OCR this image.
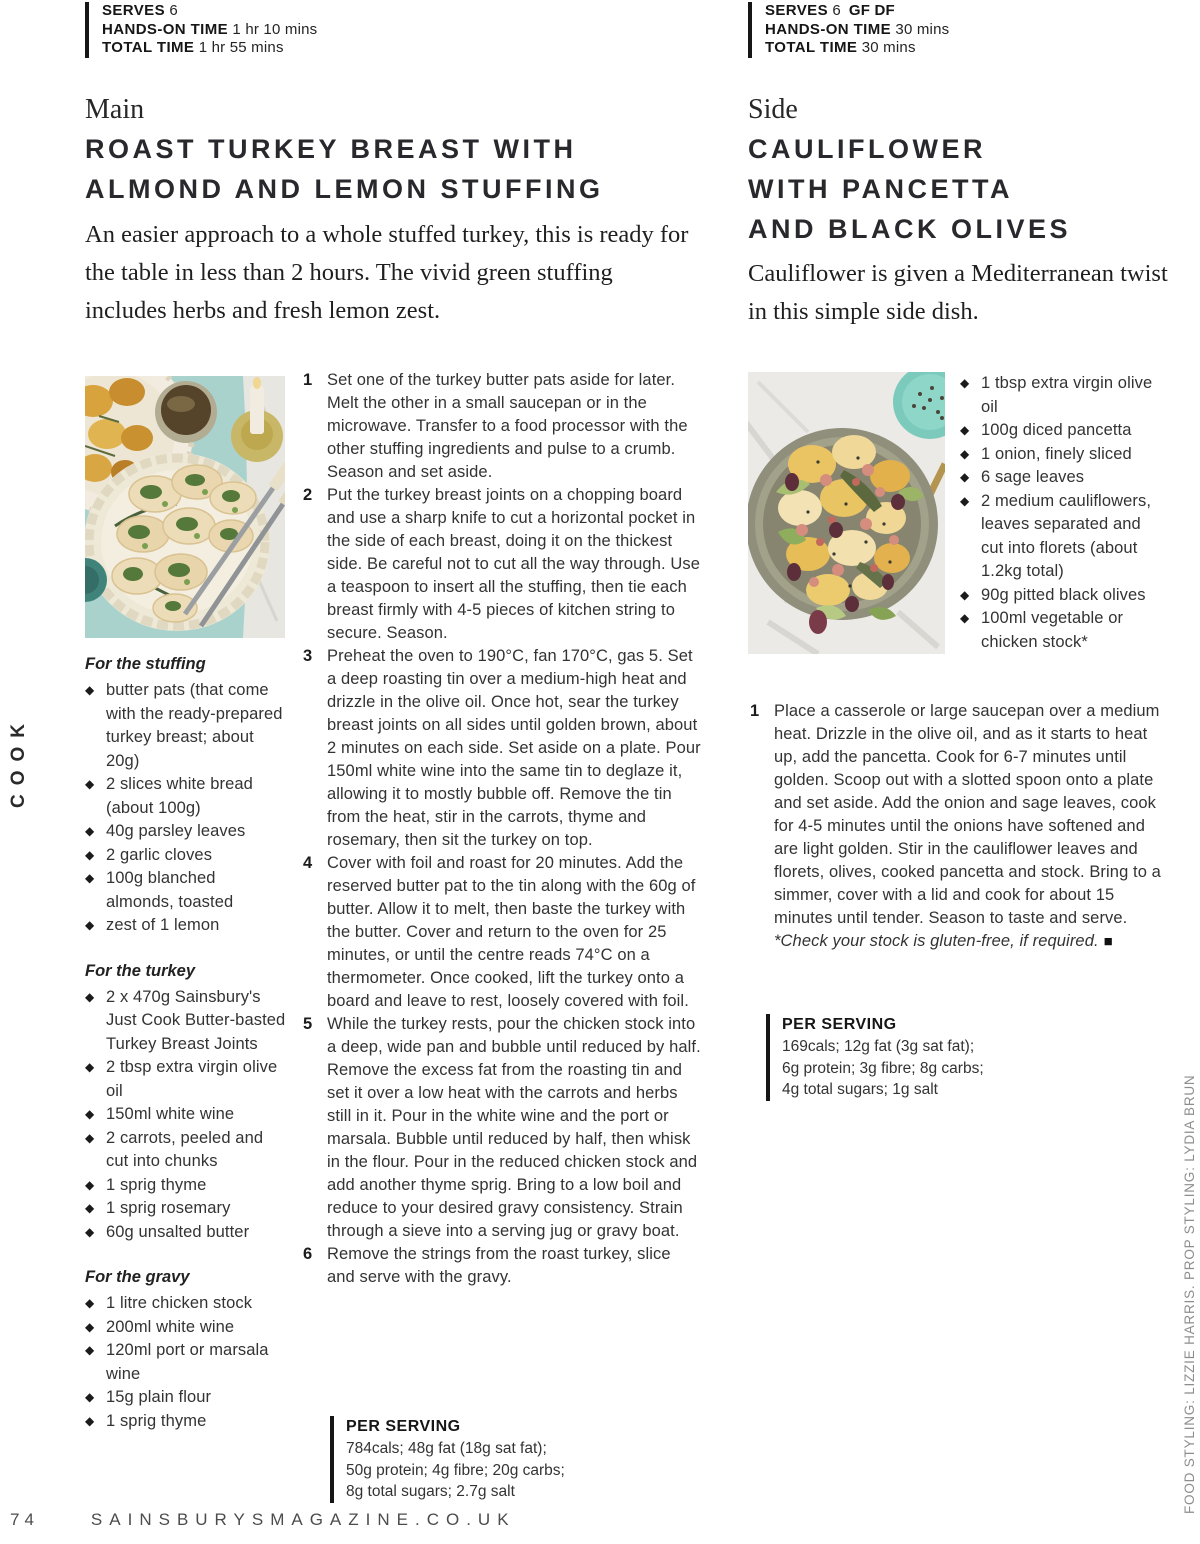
COOK
FOOD STYLING: LIZZIE HARRIS. PROP STYLING: LYDIA BRUN
74	SAINSBURYSMAGAZINE.CO.UK
SERVES 6
HANDS-ON TIME 1 hr 10 mins
TOTAL TIME 1 hr 55 mins
Main
ROAST TURKEY BREAST WITH
ALMOND AND LEMON STUFFING

An easier approach to a whole stuffed turkey, this is ready for the table in less than 2 hours. The vivid green stuffing includes herbs and fresh lemon zest.

For the stuffing
◆ butter pats (that come with the ready-prepared turkey breast; about 20g)
◆ 2 slices white bread (about 100g)
◆ 40g parsley leaves
◆ 2 garlic cloves
◆ 100g blanched almonds, toasted
◆ zest of 1 lemon
For the turkey
◆ 2 x 470g Sainsbury's Just Cook Butter-basted Turkey Breast Joints
◆ 2 tbsp extra virgin olive oil
◆ 150ml white wine
◆ 2 carrots, peeled and cut into chunks
◆ 1 sprig thyme
◆ 1 sprig rosemary
◆ 60g unsalted butter
For the gravy
◆ 1 litre chicken stock
◆ 200ml white wine
◆ 120ml port or marsala wine
◆ 15g plain flour
◆ 1 sprig thyme
1 Set one of the turkey butter pats aside for later. Melt the other in a small saucepan or in the microwave. Transfer to a food processor with the other stuffing ingredients and pulse to a crumb. Season and set aside.
2 Put the turkey breast joints on a chopping board and use a sharp knife to cut a horizontal pocket in the side of each breast, doing it on the thickest side. Be careful not to cut all the way through. Use a teaspoon to insert all the stuffing, then tie each breast firmly with 4-5 pieces of kitchen string to secure. Season.
3 Preheat the oven to 190°C, fan 170°C, gas 5. Set a deep roasting tin over a medium-high heat and drizzle in the olive oil. Once hot, sear the turkey breast joints on all sides until golden brown, about 2 minutes on each side. Set aside on a plate. Pour 150ml white wine into the same tin to deglaze it, allowing it to mostly bubble off. Remove the tin from the heat, stir in the carrots, thyme and rosemary, then sit the turkey on top.
4 Cover with foil and roast for 20 minutes. Add the reserved butter pat to the tin along with the 60g of butter. Allow it to melt, then baste the turkey with the butter. Cover and return to the oven for 25 minutes, or until the centre reads 74°C on a thermometer. Once cooked, lift the turkey onto a board and leave to rest, loosely covered with foil.
5 While the turkey rests, pour the chicken stock into a deep, wide pan and bubble until reduced by half. Remove the excess fat from the roasting tin and set it over a low heat with the carrots and herbs still in it. Pour in the white wine and the port or marsala. Bubble until reduced by half, then whisk in the flour. Pour in the reduced chicken stock and add another thyme sprig. Bring to a low boil and reduce to your desired gravy consistency. Strain through a sieve into a serving jug or gravy boat.
6 Remove the strings from the roast turkey, slice and serve with the gravy.
PER SERVING
784cals; 48g fat (18g sat fat);
50g protein; 4g fibre; 20g carbs;
8g total sugars; 2.7g salt
SERVES 6 GF DF
HANDS-ON TIME 30 mins
TOTAL TIME 30 mins
Side
CAULIFLOWER
WITH PANCETTA
AND BLACK OLIVES

Cauliflower is given a Mediterranean twist in this simple side dish.

◆ 1 tbsp extra virgin olive oil
◆ 100g diced pancetta
◆ 1 onion, finely sliced
◆ 6 sage leaves
◆ 2 medium cauliflowers, leaves separated and cut into florets (about 1.2kg total)
◆ 90g pitted black olives
◆ 100ml vegetable or chicken stock*
1 Place a casserole or large saucepan over a medium heat. Drizzle in the olive oil, and as it starts to heat up, add the pancetta. Cook for 6-7 minutes until golden. Scoop out with a slotted spoon onto a plate and set aside. Add the onion and sage leaves, cook for 4-5 minutes until the onions have softened and are light golden. Stir in the cauliflower leaves and florets, olives, cooked pancetta and stock. Bring to a simmer, cover with a lid and cook for about 15 minutes until tender. Season to taste and serve.
*Check your stock is gluten-free, if required. ■
PER SERVING
169cals; 12g fat (3g sat fat);
6g protein; 3g fibre; 8g carbs;
4g total sugars; 1g salt
